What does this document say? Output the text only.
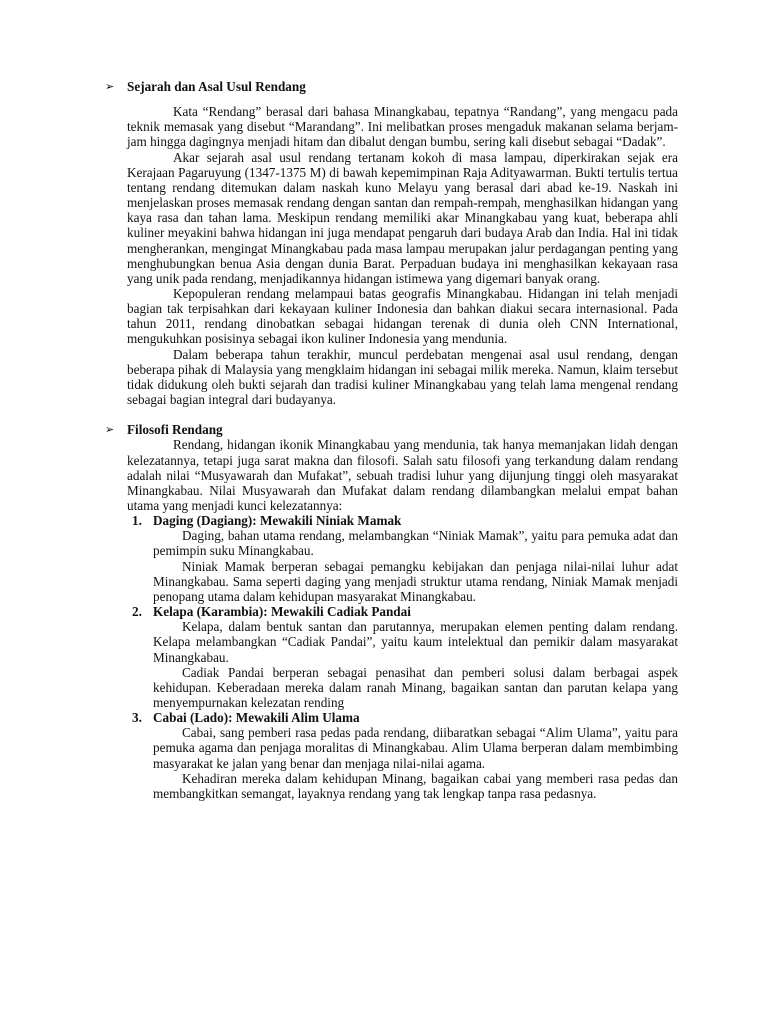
➢ Sejarah dan Asal Usul Rendang

Kata “Rendang” berasal dari bahasa Minangkabau, tepatnya “Randang”, yang mengacu pada teknik memasak yang disebut “Marandang”. Ini melibatkan proses mengaduk makanan selama berjam-jam hingga dagingnya menjadi hitam dan dibalut dengan bumbu, sering kali disebut sebagai “Dadak”.

Akar sejarah asal usul rendang tertanam kokoh di masa lampau, diperkirakan sejak era Kerajaan Pagaruyung (1347-1375 M) di bawah kepemimpinan Raja Adityawarman. Bukti tertulis tertua tentang rendang ditemukan dalam naskah kuno Melayu yang berasal dari abad ke-19. Naskah ini menjelaskan proses memasak rendang dengan santan dan rempah-rempah, menghasilkan hidangan yang kaya rasa dan tahan lama. Meskipun rendang memiliki akar Minangkabau yang kuat, beberapa ahli kuliner meyakini bahwa hidangan ini juga mendapat pengaruh dari budaya Arab dan India. Hal ini tidak mengherankan, mengingat Minangkabau pada masa lampau merupakan jalur perdagangan penting yang menghubungkan benua Asia dengan dunia Barat. Perpaduan budaya ini menghasilkan kekayaan rasa yang unik pada rendang, menjadikannya hidangan istimewa yang digemari banyak orang.

Kepopuleran rendang melampaui batas geografis Minangkabau. Hidangan ini telah menjadi bagian tak terpisahkan dari kekayaan kuliner Indonesia dan bahkan diakui secara internasional. Pada tahun 2011, rendang dinobatkan sebagai hidangan terenak di dunia oleh CNN International, mengukuhkan posisinya sebagai ikon kuliner Indonesia yang mendunia.

Dalam beberapa tahun terakhir, muncul perdebatan mengenai asal usul rendang, dengan beberapa pihak di Malaysia yang mengklaim hidangan ini sebagai milik mereka. Namun, klaim tersebut tidak didukung oleh bukti sejarah dan tradisi kuliner Minangkabau yang telah lama mengenal rendang sebagai bagian integral dari budayanya.

➢ Filosofi Rendang

Rendang, hidangan ikonik Minangkabau yang mendunia, tak hanya memanjakan lidah dengan kelezatannya, tetapi juga sarat makna dan filosofi. Salah satu filosofi yang terkandung dalam rendang adalah nilai “Musyawarah dan Mufakat”, sebuah tradisi luhur yang dijunjung tinggi oleh masyarakat Minangkabau. Nilai Musyawarah dan Mufakat dalam rendang dilambangkan melalui empat bahan utama yang menjadi kunci kelezatannya:

1. Daging (Dagiang): Mewakili Niniak Mamak

Daging, bahan utama rendang, melambangkan “Niniak Mamak”, yaitu para pemuka adat dan pemimpin suku Minangkabau.

Niniak Mamak berperan sebagai pemangku kebijakan dan penjaga nilai-nilai luhur adat Minangkabau. Sama seperti daging yang menjadi struktur utama rendang, Niniak Mamak menjadi penopang utama dalam kehidupan masyarakat Minangkabau.

2. Kelapa (Karambia): Mewakili Cadiak Pandai

Kelapa, dalam bentuk santan dan parutannya, merupakan elemen penting dalam rendang. Kelapa melambangkan “Cadiak Pandai”, yaitu kaum intelektual dan pemikir dalam masyarakat Minangkabau.

Cadiak Pandai berperan sebagai penasihat dan pemberi solusi dalam berbagai aspek kehidupan. Keberadaan mereka dalam ranah Minang, bagaikan santan dan parutan kelapa yang menyempurnakan kelezatan rending

3. Cabai (Lado): Mewakili Alim Ulama

Cabai, sang pemberi rasa pedas pada rendang, diibaratkan sebagai “Alim Ulama”, yaitu para pemuka agama dan penjaga moralitas di Minangkabau. Alim Ulama berperan dalam membimbing masyarakat ke jalan yang benar dan menjaga nilai-nilai agama.

Kehadiran mereka dalam kehidupan Minang, bagaikan cabai yang memberi rasa pedas dan membangkitkan semangat, layaknya rendang yang tak lengkap tanpa rasa pedasnya.
